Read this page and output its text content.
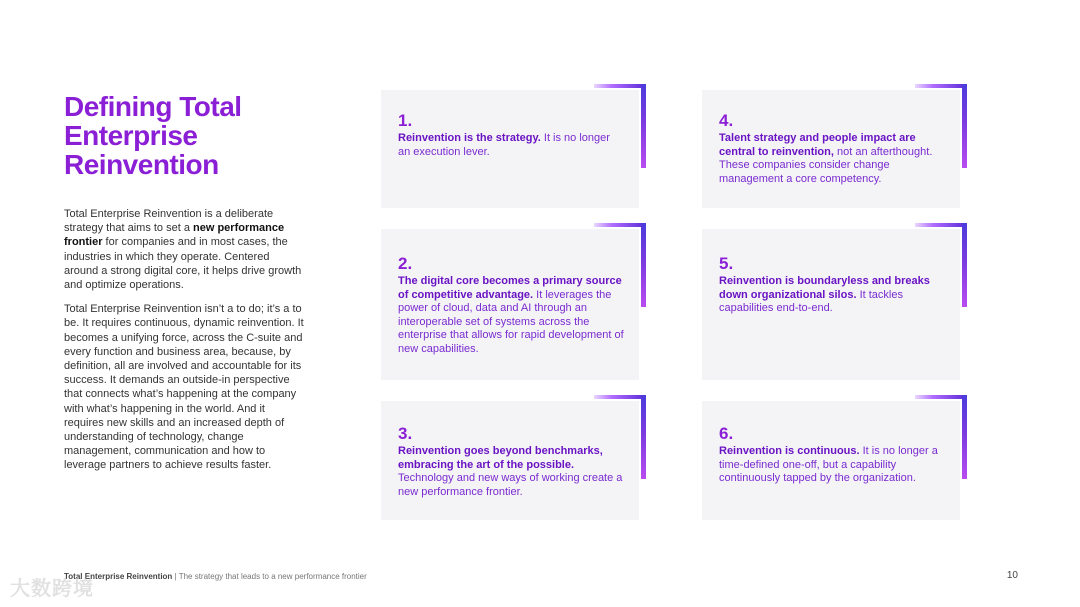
Defining Total
Enterprise
Reinvention

Total Enterprise Reinvention is a deliberate strategy that aims to set a new performance frontier for companies and in most cases, the industries in which they operate. Centered around a strong digital core, it helps drive growth and optimize operations.

Total Enterprise Reinvention isn’t a to do; it’s a to be. It requires continuous, dynamic reinvention. It becomes a unifying force, across the C-suite and every function and business area, because, by definition, all are involved and accountable for its success. It demands an outside-in perspective that connects what’s happening at the company with what’s happening in the world. And it requires new skills and an increased depth of understanding of technology, change management, communication and how to leverage partners to achieve results faster.

1.
Reinvention is the strategy. It is no longer an execution lever.
2.
The digital core becomes a primary source of competitive advantage. It leverages the power of cloud, data and AI through an interoperable set of systems across the enterprise that allows for rapid development of new capabilities.
3.
Reinvention goes beyond benchmarks, embracing the art of the possible. Technology and new ways of working create a new performance frontier.
4.
Talent strategy and people impact are central to reinvention, not an afterthought. These companies consider change management a core competency.
5.
Reinvention is boundaryless and breaks down organizational silos. It tackles capabilities end-to-end.
6.
Reinvention is continuous. It is no longer a time-defined one-off, but a capability continuously tapped by the organization.
Total Enterprise Reinvention | The strategy that leads to a new performance frontier	10
大数跨境
